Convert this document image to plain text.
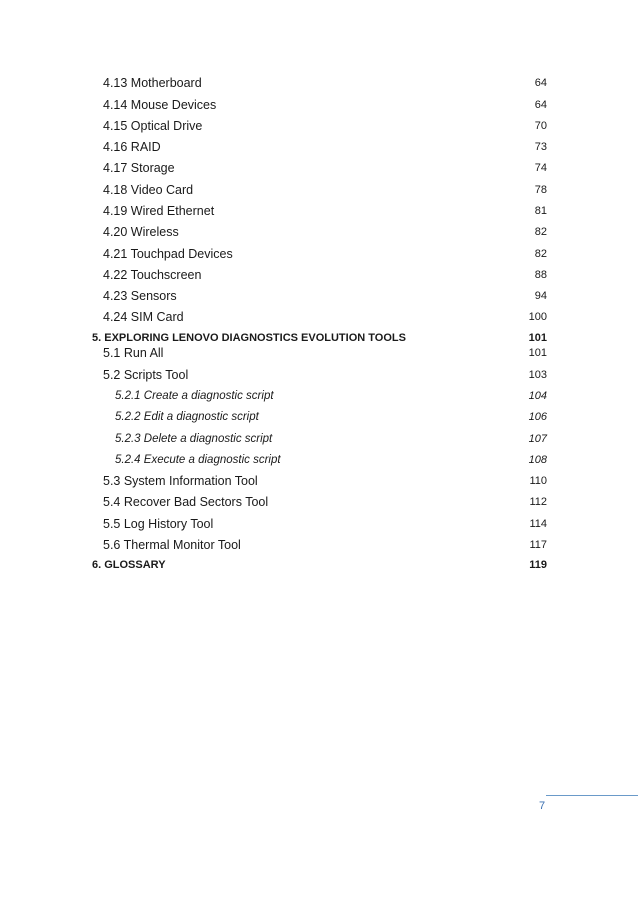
4.13 Motherboard	64
4.14 Mouse Devices	64
4.15 Optical Drive	70
4.16 RAID	73
4.17 Storage	74
4.18 Video Card	78
4.19 Wired Ethernet	81
4.20 Wireless	82
4.21 Touchpad Devices	82
4.22 Touchscreen	88
4.23 Sensors	94
4.24 SIM Card	100
5. EXPLORING LENOVO DIAGNOSTICS EVOLUTION TOOLS	101
5.1 Run All	101
5.2 Scripts Tool	103
5.2.1 Create a diagnostic script	104
5.2.2 Edit a diagnostic script	106
5.2.3 Delete a diagnostic script	107
5.2.4 Execute a diagnostic script	108
5.3 System Information Tool	110
5.4 Recover Bad Sectors Tool	112
5.5 Log History Tool	114
5.6 Thermal Monitor Tool	117
6. GLOSSARY	119
7
